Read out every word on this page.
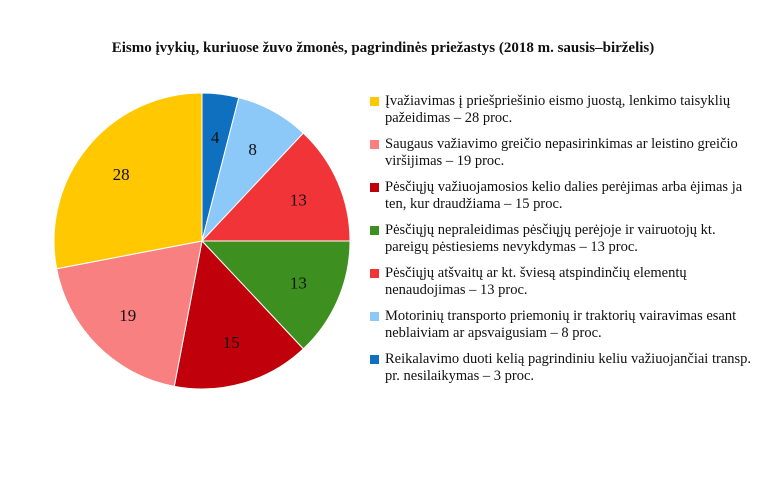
Eismo įvykių, kuriuose žuvo žmonės, pagrindinės priežastys (2018 m. sausis–birželis)
4
8
13
13
15
19
28
Įvažiavimas į priešpriešinio eismo juostą, lenkimo taisyklių pažeidimas – 28 proc.
Saugaus važiavimo greičio nepasirinkimas ar leistino greičio viršijimas – 19 proc.
Pėsčiųjų važiuojamosios kelio dalies perėjimas arba ėjimas ja ten, kur draudžiama – 15 proc.
Pėsčiųjų nepraleidimas pėsčiųjų perėjoje ir vairuotojų kt. pareigų pėstiesiems nevykdymas – 13 proc.
Pėsčiųjų atšvaitų ar kt. šviesą atspindinčių elementų nenaudojimas – 13 proc.
Motorinių transporto priemonių ir traktorių vairavimas esant neblaiviam ar apsvaigusiam – 8 proc.
Reikalavimo duoti kelią pagrindiniu keliu važiuojančiai transp. pr. nesilaikymas – 3 proc.
